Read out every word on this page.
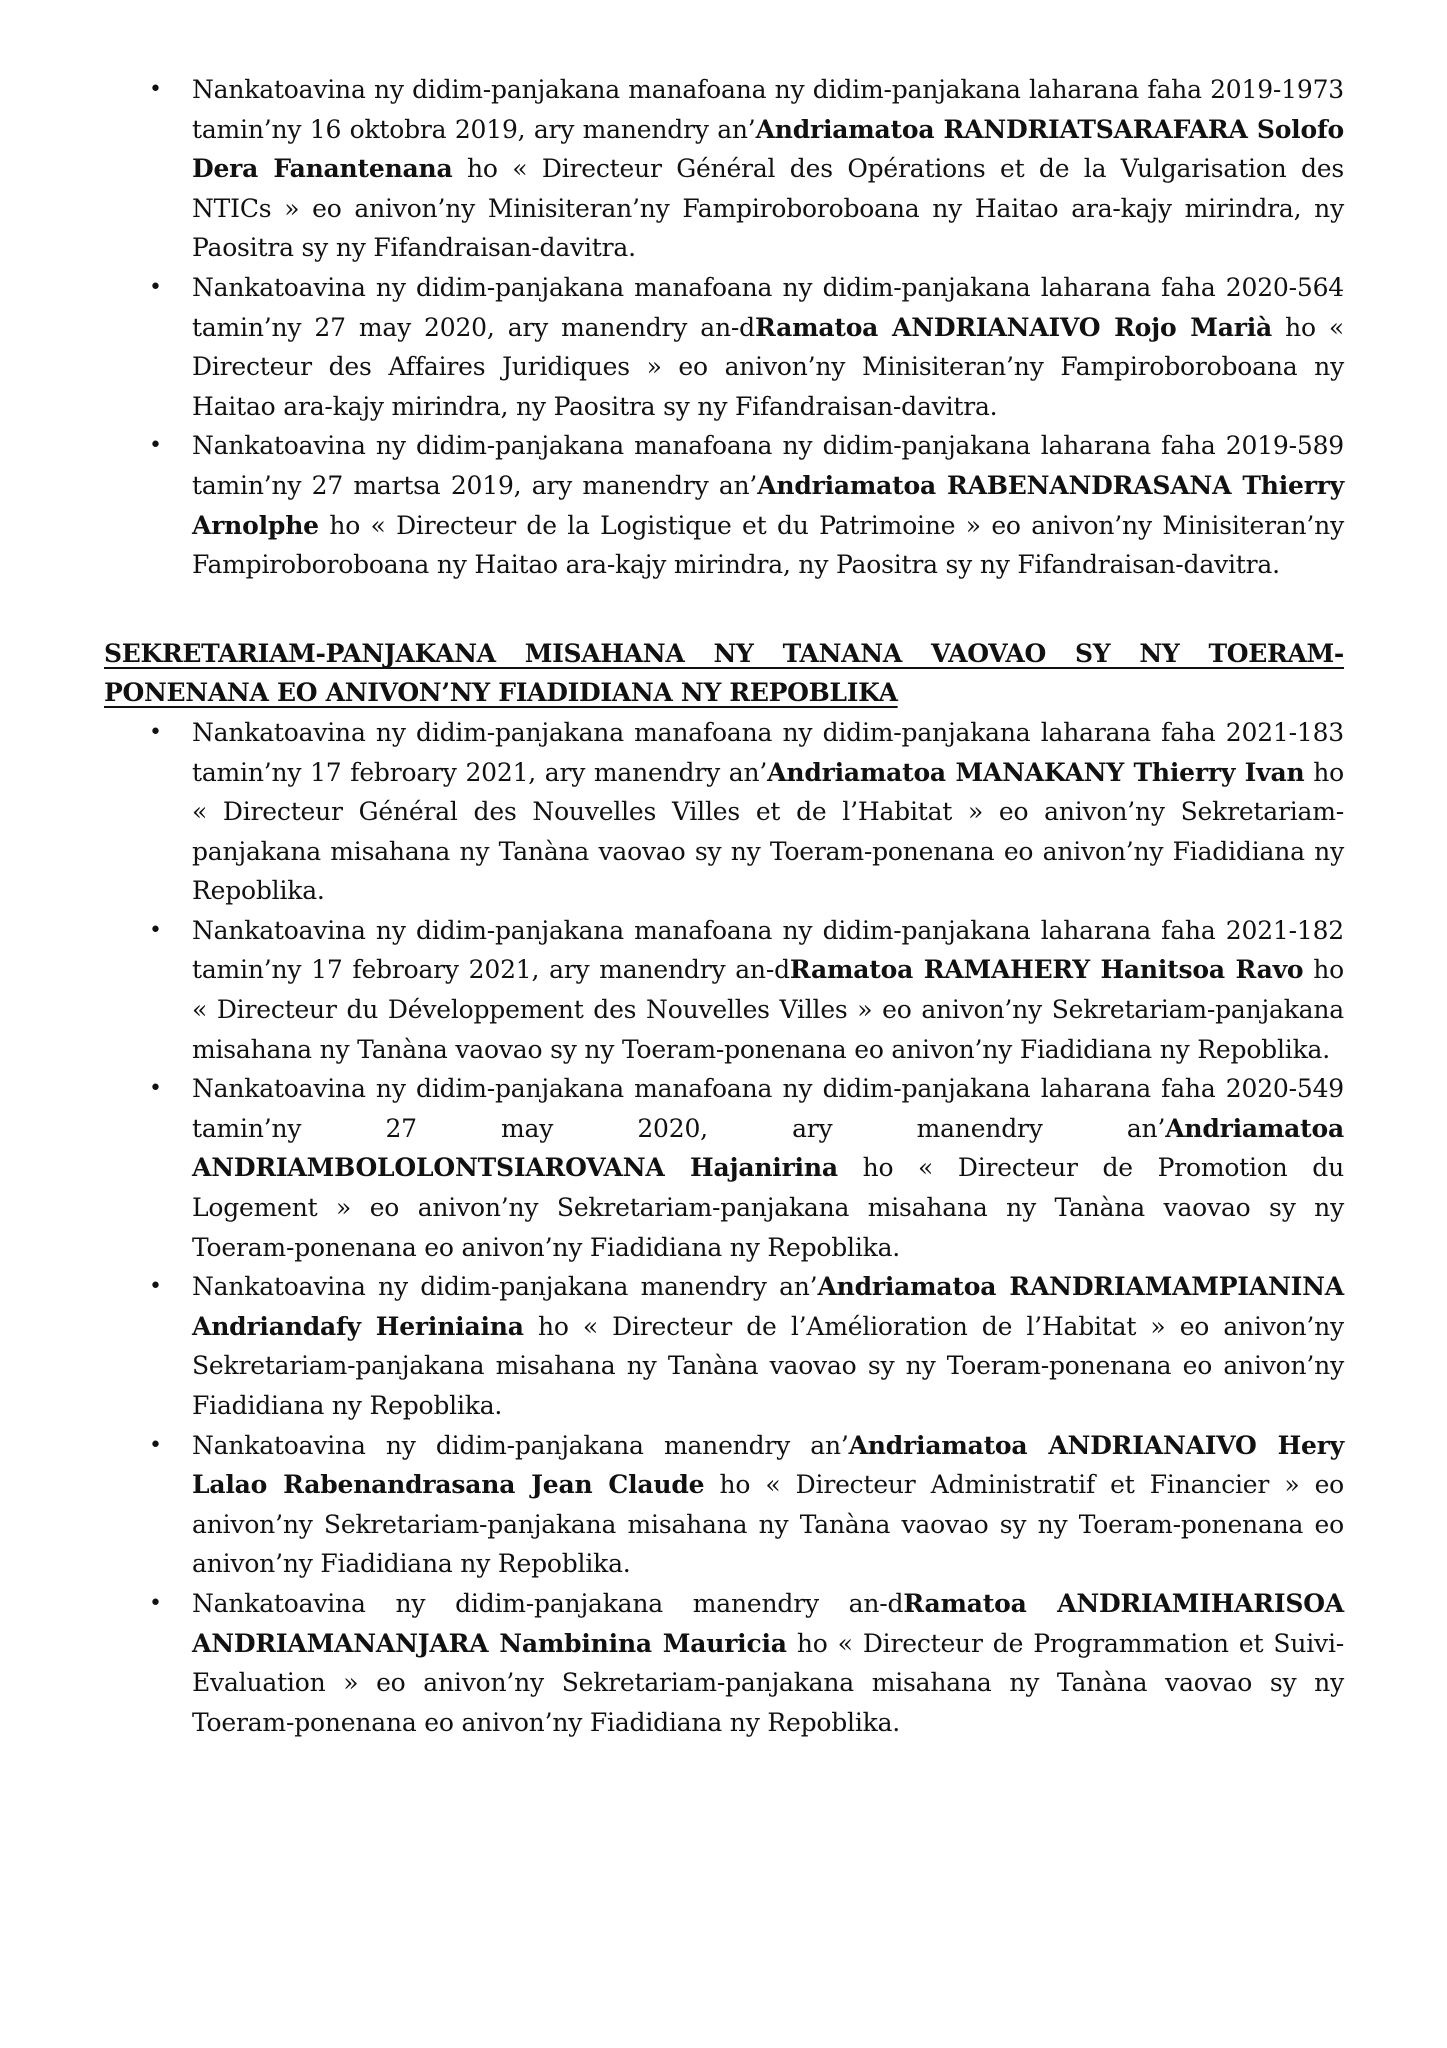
• Nankatoavina ny didim-panjakana manafoana ny didim-panjakana laharana faha 2019-1973 tamin’ny 16 oktobra 2019, ary manendry an’Andriamatoa RANDRIATSARAFARA Solofo Dera Fanantenana ho « Directeur Général des Opérations et de la Vulgarisation des NTICs » eo anivon’ny Minisiteran’ny Fampiroboroboana ny Haitao ara-kajy mirindra, ny Paositra sy ny Fifandraisan-davitra.
• Nankatoavina ny didim-panjakana manafoana ny didim-panjakana laharana faha 2020-564 tamin’ny 27 may 2020, ary manendry an-dRamatoa ANDRIANAIVO Rojo Marià ho « Directeur des Affaires Juridiques » eo anivon’ny Minisiteran’ny Fampiroboroboana ny Haitao ara-kajy mirindra, ny Paositra sy ny Fifandraisan-davitra.
• Nankatoavina ny didim-panjakana manafoana ny didim-panjakana laharana faha 2019-589 tamin’ny 27 martsa 2019, ary manendry an’Andriamatoa RABENANDRASANA Thierry Arnolphe ho « Directeur de la Logistique et du Patrimoine » eo anivon’ny Minisiteran’ny Fampiroboroboana ny Haitao ara-kajy mirindra, ny Paositra sy ny Fifandraisan-davitra.
SEKRETARIAM-PANJAKANA MISAHANA NY TANANA VAOVAO SY NY TOERAM-PONENANA EO ANIVON’NY FIADIDIANA NY REPOBLIKA
• Nankatoavina ny didim-panjakana manafoana ny didim-panjakana laharana faha 2021-183 tamin’ny 17 febroary 2021, ary manendry an’Andriamatoa MANAKANY Thierry Ivan ho « Directeur Général des Nouvelles Villes et de l’Habitat » eo anivon’ny Sekretariam-panjakana misahana ny Tanàna vaovao sy ny Toeram-ponenana eo anivon’ny Fiadidiana ny Repoblika.
• Nankatoavina ny didim-panjakana manafoana ny didim-panjakana laharana faha 2021-182 tamin’ny 17 febroary 2021, ary manendry an-dRamatoa RAMAHERY Hanitsoa Ravo ho « Directeur du Développement des Nouvelles Villes » eo anivon’ny Sekretariam-panjakana misahana ny Tanàna vaovao sy ny Toeram-ponenana eo anivon’ny Fiadidiana ny Repoblika.
• Nankatoavina ny didim-panjakana manafoana ny didim-panjakana laharana faha 2020-549 tamin’ny 27 may 2020, ary manendry an’Andriamatoa ANDRIAMBOLOLONTSIAROVANA Hajanirina ho « Directeur de Promotion du Logement » eo anivon’ny Sekretariam-panjakana misahana ny Tanàna vaovao sy ny Toeram-ponenana eo anivon’ny Fiadidiana ny Repoblika.
• Nankatoavina ny didim-panjakana manendry an’Andriamatoa RANDRIAMAMPIANINA Andriandafy Heriniaina ho « Directeur de l’Amélioration de l’Habitat » eo anivon’ny Sekretariam-panjakana misahana ny Tanàna vaovao sy ny Toeram-ponenana eo anivon’ny Fiadidiana ny Repoblika.
• Nankatoavina ny didim-panjakana manendry an’Andriamatoa ANDRIANAIVO Hery Lalao Rabenandrasana Jean Claude ho « Directeur Administratif et Financier » eo anivon’ny Sekretariam-panjakana misahana ny Tanàna vaovao sy ny Toeram-ponenana eo anivon’ny Fiadidiana ny Repoblika.
• Nankatoavina ny didim-panjakana manendry an-dRamatoa ANDRIAMIHARISOA ANDRIAMANANJARA Nambinina Mauricia ho « Directeur de Programmation et Suivi-Evaluation » eo anivon’ny Sekretariam-panjakana misahana ny Tanàna vaovao sy ny Toeram-ponenana eo anivon’ny Fiadidiana ny Repoblika.
